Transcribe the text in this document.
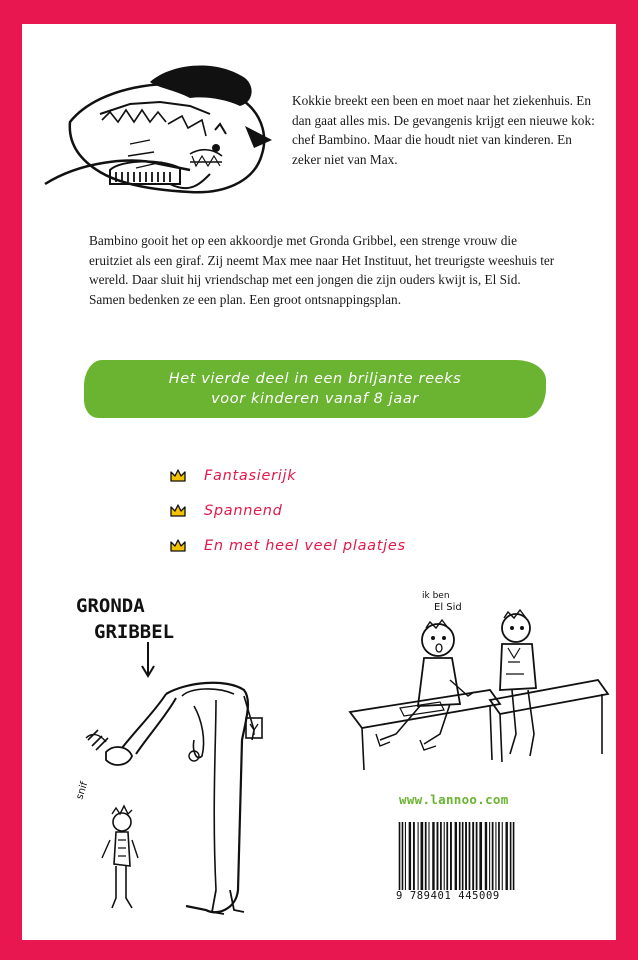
Kokkie breekt een been en moet naar het ziekenhuis. En dan gaat alles mis. De gevangenis krijgt een nieuwe kok: chef Bambino. Maar die houdt niet van kinderen. En zeker niet van Max.

Bambino gooit het op een akkoordje met Gronda Gribbel, een strenge vrouw die eruitziet als een giraf. Zij neemt Max mee naar Het Instituut, het treurigste weeshuis ter wereld. Daar sluit hij vriendschap met een jongen die zijn ouders kwijt is, El Sid. Samen bedenken ze een plan. Een groot ontsnappingsplan.

Het vierde deel in een briljante reeks
voor kinderen vanaf 8 jaar
Fantasierijk
Spannend
En met heel veel plaatjes
GRONDA
GRIBBEL
snif
ik ben
El Sid
www.lannoo.com
9 789401 445009
